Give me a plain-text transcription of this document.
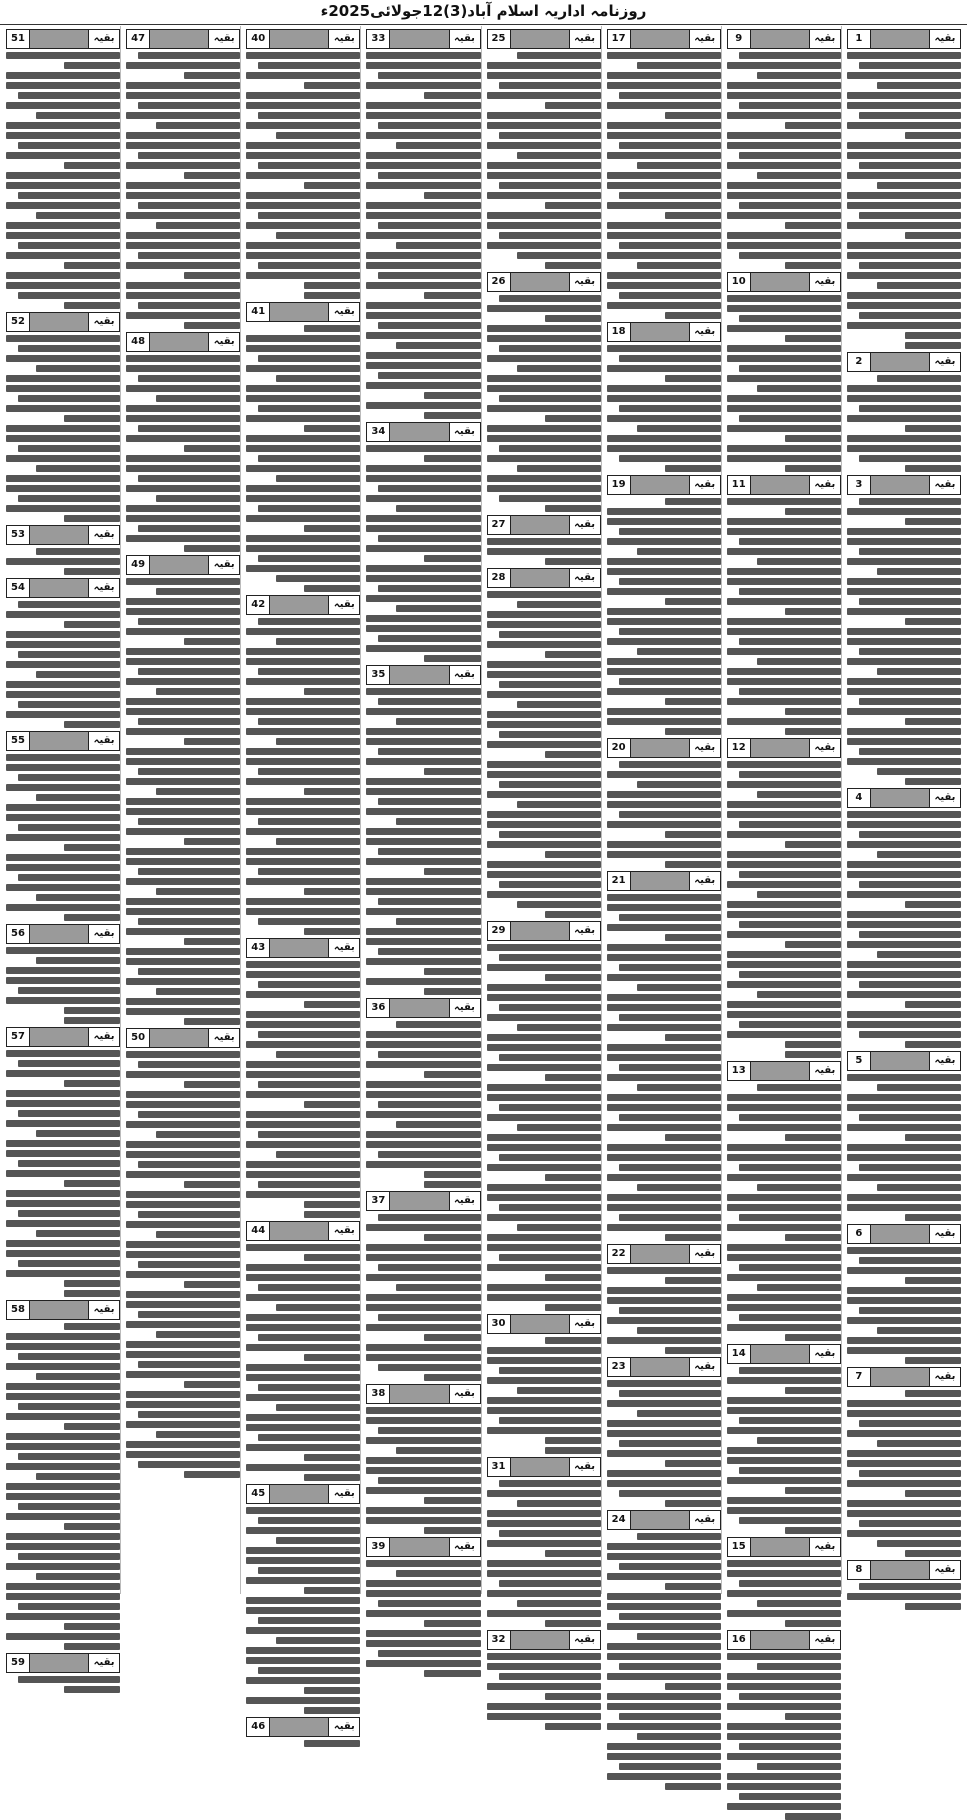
روزنامہ اداریہ اسلام آباد(3)12جولائی2025ء
بقیہ
1
بقیہ
2
بقیہ
3
بقیہ
4
بقیہ
5
بقیہ
6
بقیہ
7
بقیہ
8
بقیہ
9
بقیہ
10
بقیہ
11
بقیہ
12
بقیہ
13
بقیہ
14
بقیہ
15
بقیہ
16
بقیہ
17
بقیہ
18
بقیہ
19
بقیہ
20
بقیہ
21
بقیہ
22
بقیہ
23
بقیہ
24
بقیہ
25
بقیہ
26
بقیہ
27
بقیہ
28
بقیہ
29
بقیہ
30
بقیہ
31
بقیہ
32
بقیہ
33
بقیہ
34
بقیہ
35
بقیہ
36
بقیہ
37
بقیہ
38
بقیہ
39
بقیہ
40
بقیہ
41
بقیہ
42
بقیہ
43
بقیہ
44
بقیہ
45
بقیہ
46
بقیہ
47
بقیہ
48
بقیہ
49
بقیہ
50
بقیہ
51
بقیہ
52
بقیہ
53
بقیہ
54
بقیہ
55
بقیہ
56
بقیہ
57
بقیہ
58
بقیہ
59
